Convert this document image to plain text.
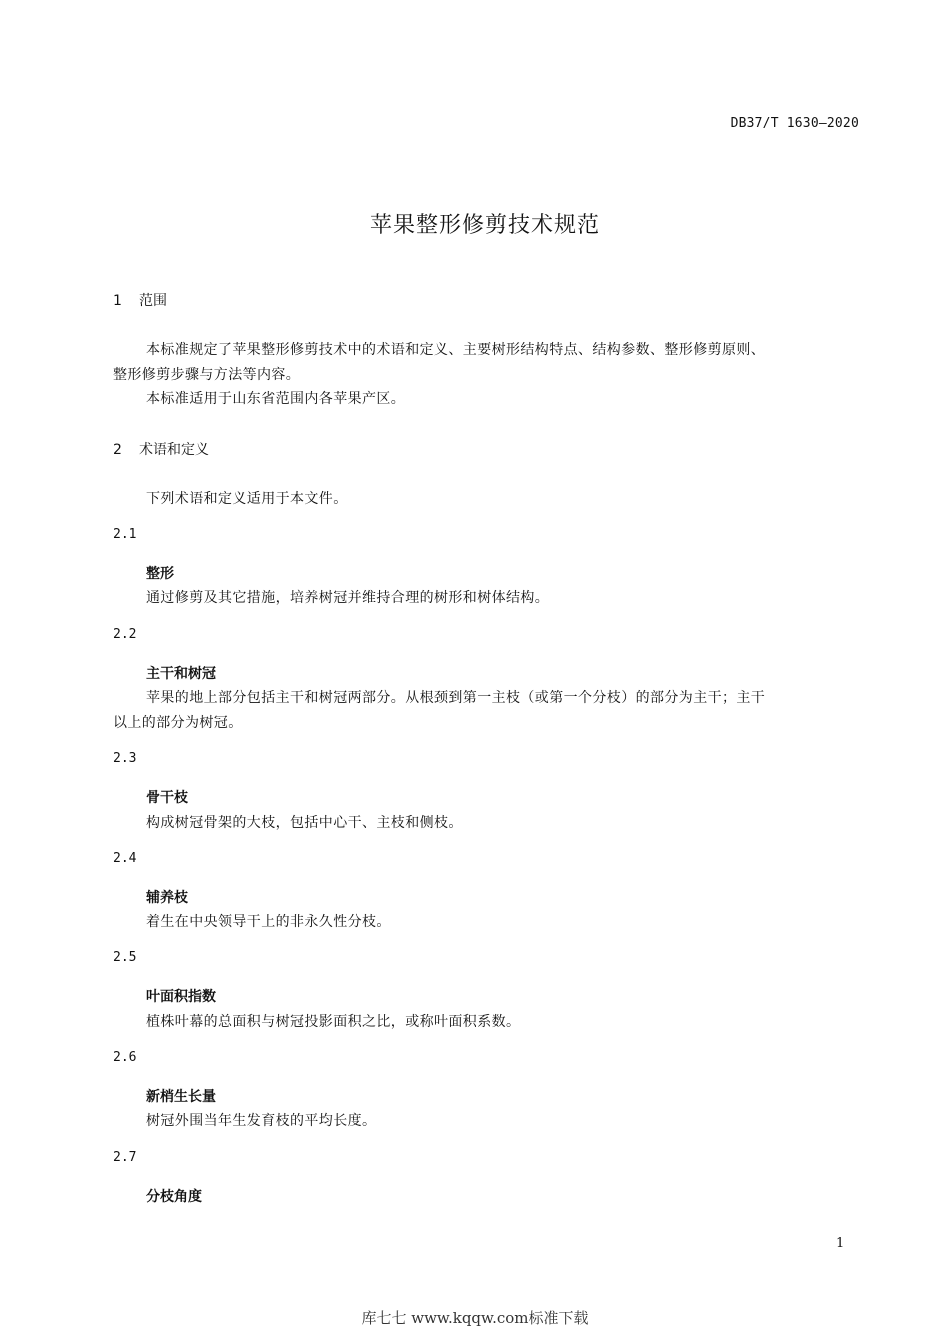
DB37/T 1630—2020
苹果整形修剪技术规范
1 范围
本标准规定了苹果整形修剪技术中的术语和定义、主要树形结构特点、结构参数、整形修剪原则、
整形修剪步骤与方法等内容。
本标准适用于山东省范围内各苹果产区。
2 术语和定义
下列术语和定义适用于本文件。
2.1
整形
通过修剪及其它措施，培养树冠并维持合理的树形和树体结构。
2.2
主干和树冠
苹果的地上部分包括主干和树冠两部分。从根颈到第一主枝（或第一个分枝）的部分为主干；主干
以上的部分为树冠。
2.3
骨干枝
构成树冠骨架的大枝，包括中心干、主枝和侧枝。
2.4
辅养枝
着生在中央领导干上的非永久性分枝。
2.5
叶面积指数
植株叶幕的总面积与树冠投影面积之比，或称叶面积系数。
2.6
新梢生长量
树冠外围当年生发育枝的平均长度。
2.7
分枝角度
1
库七七 www.kqqw.com标准下载
